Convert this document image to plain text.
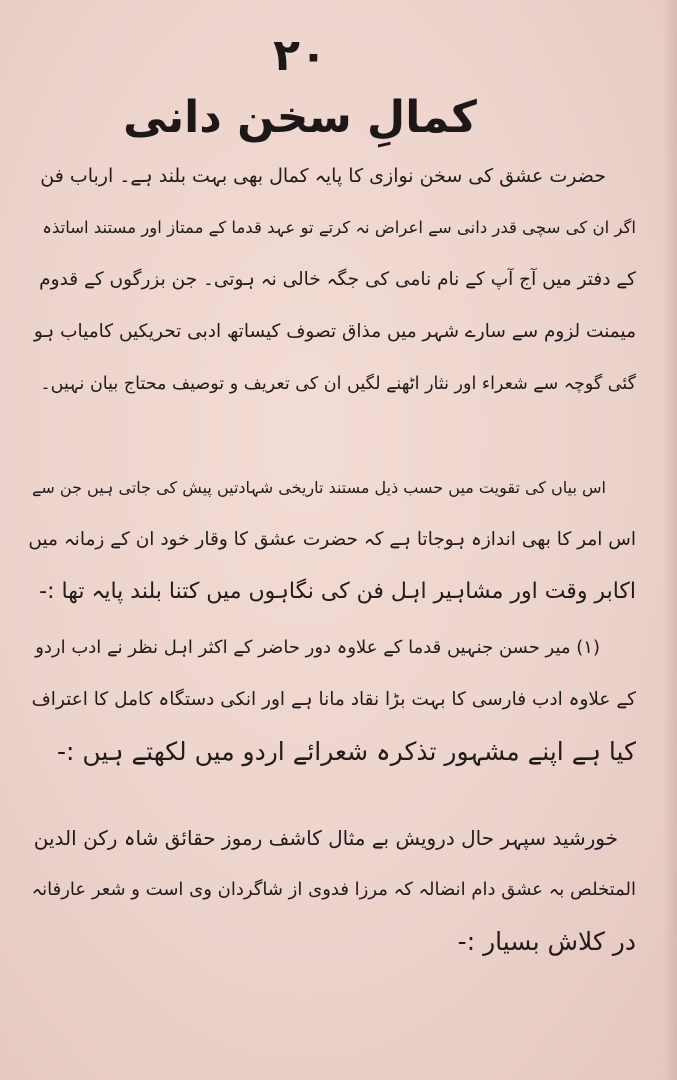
۲۰
کمالِ سخن دانی
حضرت عشق کی سخن نوازی کا پایہ کمال بھی بہت بلند ہے۔ ارباب فن
اگر ان کی سچی قدر دانی سے اعراض نہ کرتے تو عہد قدما کے ممتاز اور مستند اساتذہ
کے دفتر میں آج آپ کے نام نامی کی جگہ خالی نہ ہوتی۔ جن بزرگوں کے قدوم
میمنت لزوم سے سارے شہر میں مذاق تصوف کیساتھ ادبی تحریکیں کامیاب ہو
گئی گوچہ سے شعراء اور نثار اٹھنے لگیں ان کی تعریف و توصیف محتاج بیان نہیں۔
اس بیاں کی تقویت میں حسب ذیل مستند تاریخی شہادتیں پیش کی جاتی ہیں جن سے
اس امر کا بھی اندازہ ہوجاتا ہے کہ حضرت عشق کا وقار خود ان کے زمانہ میں
اکابر وقت اور مشاہیر اہل فن کی نگاہوں میں کتنا بلند پایہ تھا :-
(۱) میر حسن جنہیں قدما کے علاوہ دور حاضر کے اکثر اہل نظر نے ادب اردو
کے علاوہ ادب فارسی کا بہت بڑا نقاد مانا ہے اور انکی دستگاہ کامل کا اعتراف
کیا ہے اپنے مشہور تذکرہ شعرائے اردو میں لکھتے ہیں :-
خورشید سپہر حال درویش بے مثال کاشف رموز حقائق شاہ رکن الدین
المتخلص بہ عشق دام انضالہ کہ مرزا فدوی از شاگردان وی است و شعر عارفانہ
در کلاش بسیار :-
